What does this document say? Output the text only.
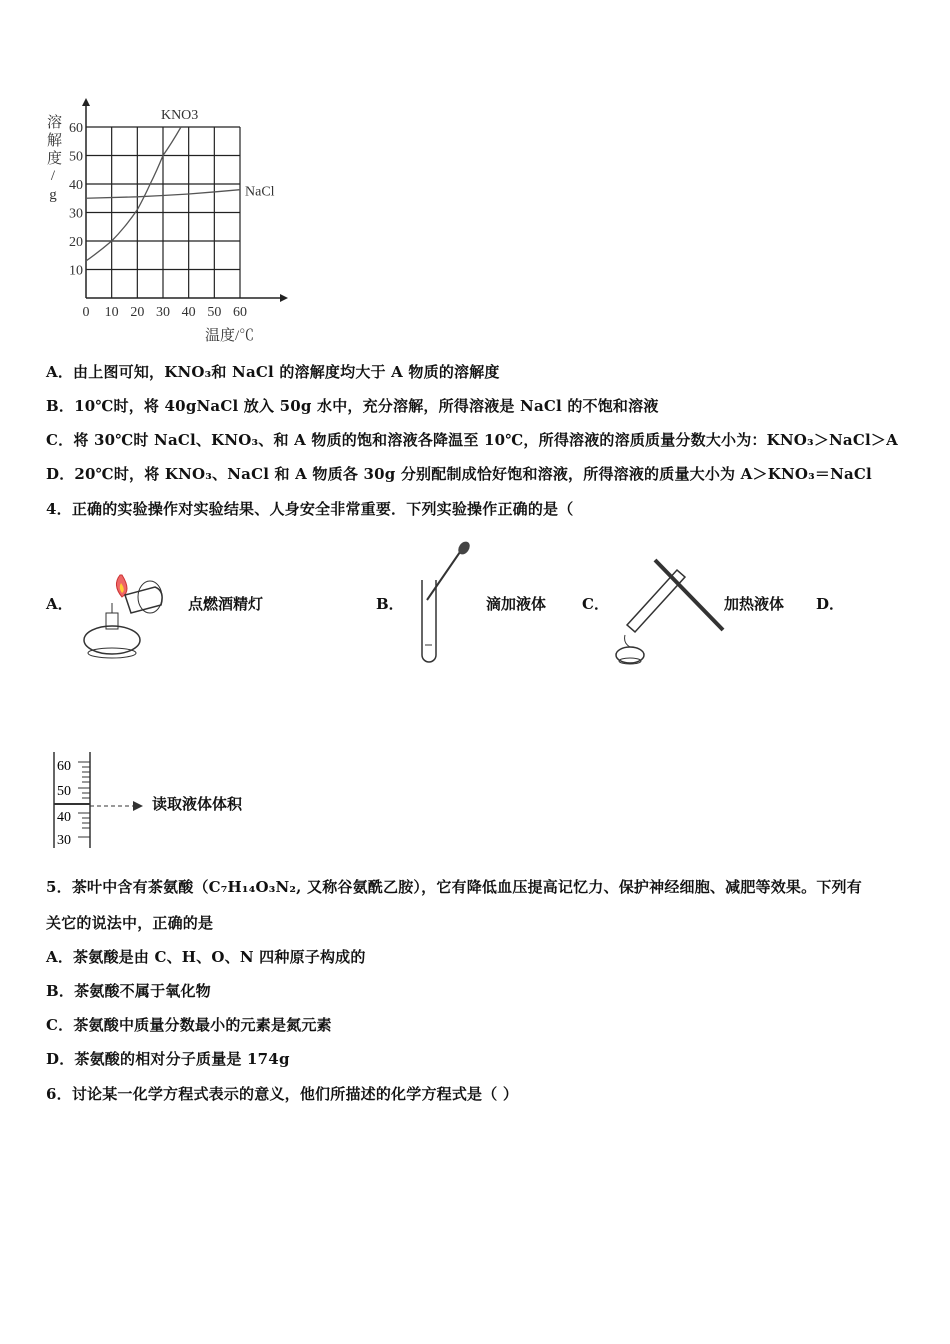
0 10 20 30 40 50 60
10
20
30
40
50
60
KNO3
NaCl
温度/℃
溶解度/g
A．由上图可知，KNO₃和 NaCl 的溶解度均大于 A 物质的溶解度
B．10℃时，将 40gNaCl 放入 50g 水中，充分溶解，所得溶液是 NaCl 的不饱和溶液
C．将 30℃时 NaCl、KNO₃、和 A 物质的饱和溶液各降温至 10℃，所得溶液的溶质质量分数大小为：KNO₃＞NaCl＞A
D．20℃时，将 KNO₃、NaCl 和 A 物质各 30g 分别配制成恰好饱和溶液，所得溶液的质量大小为 A＞KNO₃＝NaCl
4．正确的实验操作对实验结果、人身安全非常重要．下列实验操作正确的是（
A．	点燃酒精灯	B．	滴加液体 C．	加热液体 D．
60
50
40
30
读取液体体积
5．茶叶中含有茶氨酸（C₇H₁₄O₃N₂, 又称谷氨酰乙胺），它有降低血压提高记忆力、保护神经细胞、减肥等效果。下列有
关它的说法中，正确的是
A．茶氨酸是由 C、H、O、N 四种原子构成的
B．茶氨酸不属于氧化物
C．茶氨酸中质量分数最小的元素是氮元素
D．茶氨酸的相对分子质量是 174g
6．讨论某一化学方程式表示的意义，他们所描述的化学方程式是（ ）
